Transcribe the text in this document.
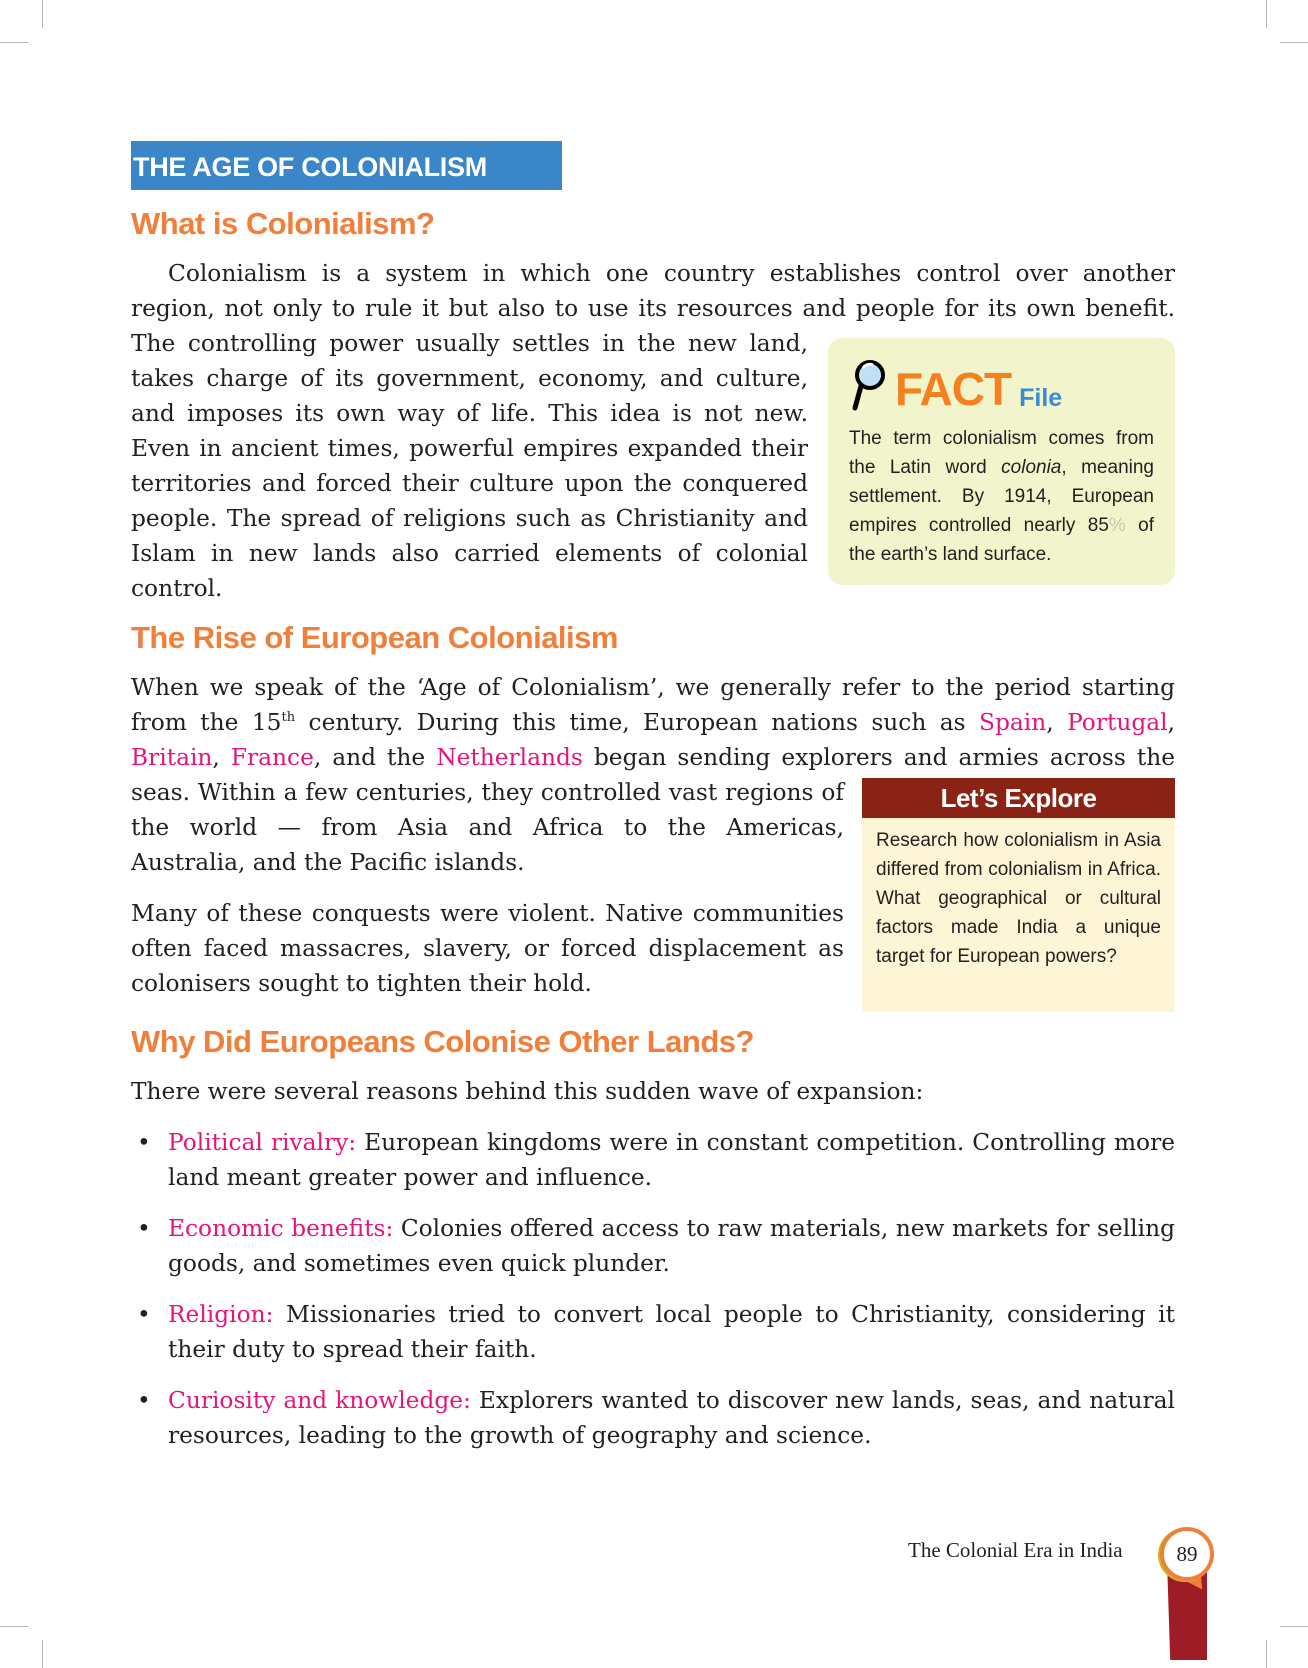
THE AGE OF COLONIALISM
What is Colonialism?
FACT File
The term colonialism comes from the Latin word colonia, meaning settlement. By 1914, European empires controlled nearly 85% of the earth’s land surface.

Colonialism is a system in which one country establishes control over another region, not only to rule it but also to use its resources and people for its own benefit. The controlling power usually settles in the new land, takes charge of its government, economy, and culture, and imposes its own way of life. This idea is not new. Even in ancient times, powerful empires expanded their territories and forced their culture upon the conquered people. The spread of religions such as Christianity and Islam in new lands also carried elements of colonial control.

The Rise of European Colonialism
Let’s Explore
Research how colonialism in Asia differed from colonialism in Africa. What geographical or cultural factors made India a unique target for European powers?

When we speak of the ‘Age of Colonialism’, we generally refer to the period starting from the 15th century. During this time, European nations such as Spain, Portugal, Britain, France, and the Netherlands began sending explorers and armies across the seas. Within a few centuries, they controlled vast regions of the world — from Asia and Africa to the Americas, Australia, and the Pacific islands.

Many of these conquests were violent. Native communities often faced massacres, slavery, or forced displacement as colonisers sought to tighten their hold.

Why Did Europeans Colonise Other Lands?
There were several reasons behind this sudden wave of expansion:
• Political rivalry: European kingdoms were in constant competition. Controlling more land meant greater power and influence.
• Economic benefits: Colonies offered access to raw materials, new markets for selling goods, and sometimes even quick plunder.
• Religion: Missionaries tried to convert local people to Christianity, considering it their duty to spread their faith.
• Curiosity and knowledge: Explorers wanted to discover new lands, seas, and natural resources, leading to the growth of geography and science.
The Colonial Era in India	89
